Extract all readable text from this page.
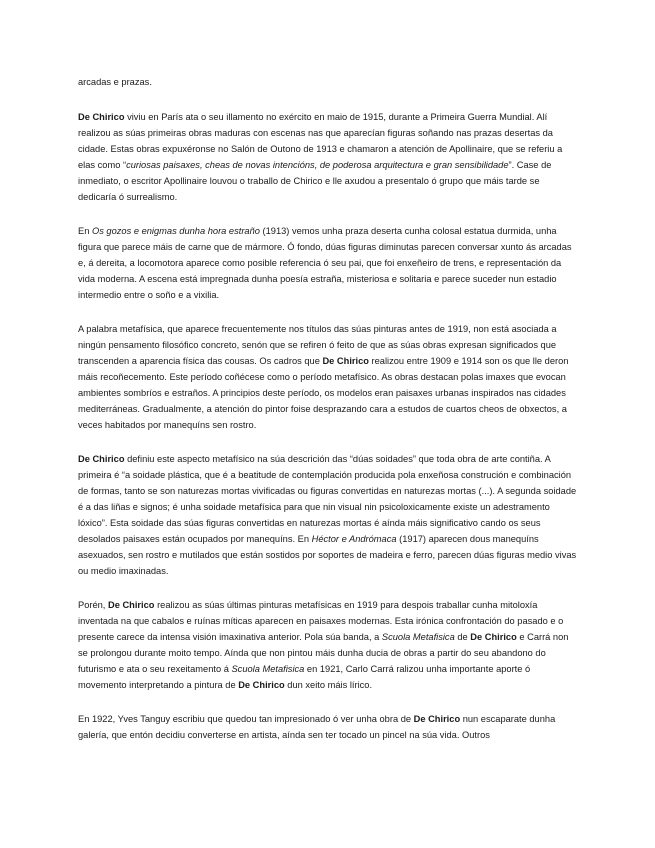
arcadas e prazas.

De Chirico viviu en París ata o seu illamento no exército en maio de 1915, durante a Primeira Guerra Mundial. Alí realizou as súas primeiras obras maduras con escenas nas que aparecían figuras soñando nas prazas desertas da cidade. Estas obras expuxéronse no Salón de Outono de 1913 e chamaron a atención de Apollinaire, que se referiu a elas como “curiosas paisaxes, cheas de novas intencións, de poderosa arquitectura e gran sensibilidade”. Case de inmediato, o escritor Apollinaire louvou o traballo de Chirico e lle axudou a presentalo ó grupo que máis tarde se dedicaría ó surrealismo.

En Os gozos e enigmas dunha hora estraño (1913) vemos unha praza deserta cunha colosal estatua durmida, unha figura que parece máis de carne que de mármore. Ó fondo, dúas figuras diminutas parecen conversar xunto ás arcadas e, á dereita, a locomotora aparece como posible referencia ó seu pai, que foi enxeñeiro de trens, e representación da vida moderna. A escena está impregnada dunha poesía estraña, misteriosa e solitaria e parece suceder nun estadio intermedio entre o soño e a vixilia.

A palabra metafísica, que aparece frecuentemente nos títulos das súas pinturas antes de 1919, non está asociada a ningún pensamento filosófico concreto, senón que se refiren ó feito de que as súas obras expresan significados que transcenden a aparencia física das cousas. Os cadros que De Chirico realizou entre 1909 e 1914 son os que lle deron máis recoñecemento. Este período coñécese como o período metafísico. As obras destacan polas imaxes que evocan ambientes sombríos e estraños. A principios deste período, os modelos eran paisaxes urbanas inspirados nas cidades mediterráneas. Gradualmente, a atención do pintor foise desprazando cara a estudos de cuartos cheos de obxectos, a veces habitados por manequíns sen rostro.

De Chirico definiu este aspecto metafísico na súa descrición das “dúas soidades” que toda obra de arte contiña. A primeira é “a soidade plástica, que é a beatitude de contemplación producida pola enxeñosa construción e combinación de formas, tanto se son naturezas mortas vivificadas ou figuras convertidas en naturezas mortas (...). A segunda soidade é a das liñas e signos; é unha soidade metafísica para que nin visual nin psicoloxicamente existe un adestramento lóxico”. Esta soidade das súas figuras convertidas en naturezas mortas é aínda máis significativo cando os seus desolados paisaxes están ocupados por manequíns. En Héctor e Andrómaca (1917) aparecen dous manequíns asexuados, sen rostro e mutilados que están sostidos por soportes de madeira e ferro, parecen dúas figuras medio vivas ou medio imaxinadas.

Porén, De Chirico realizou as súas últimas pinturas metafísicas en 1919 para despois traballar cunha mitoloxía inventada na que cabalos e ruínas míticas aparecen en paisaxes modernas. Esta irónica confrontación do pasado e o presente carece da intensa visión imaxinativa anterior. Pola súa banda, a Scuola Metafisica de De Chirico e Carrá non se prolongou durante moito tempo. Aínda que non pintou máis dunha ducia de obras a partir do seu abandono do futurismo e ata o seu rexeitamento á Scuola Metafisica en 1921, Carlo Carrá ralizou unha importante aporte ó movemento interpretando a pintura de De Chirico dun xeito máis lírico.

En 1922, Yves Tanguy escribiu que quedou tan impresionado ó ver unha obra de De Chirico nun escaparate dunha galería, que entón decidiu converterse en artista, aínda sen ter tocado un pincel na súa vida. Outros
